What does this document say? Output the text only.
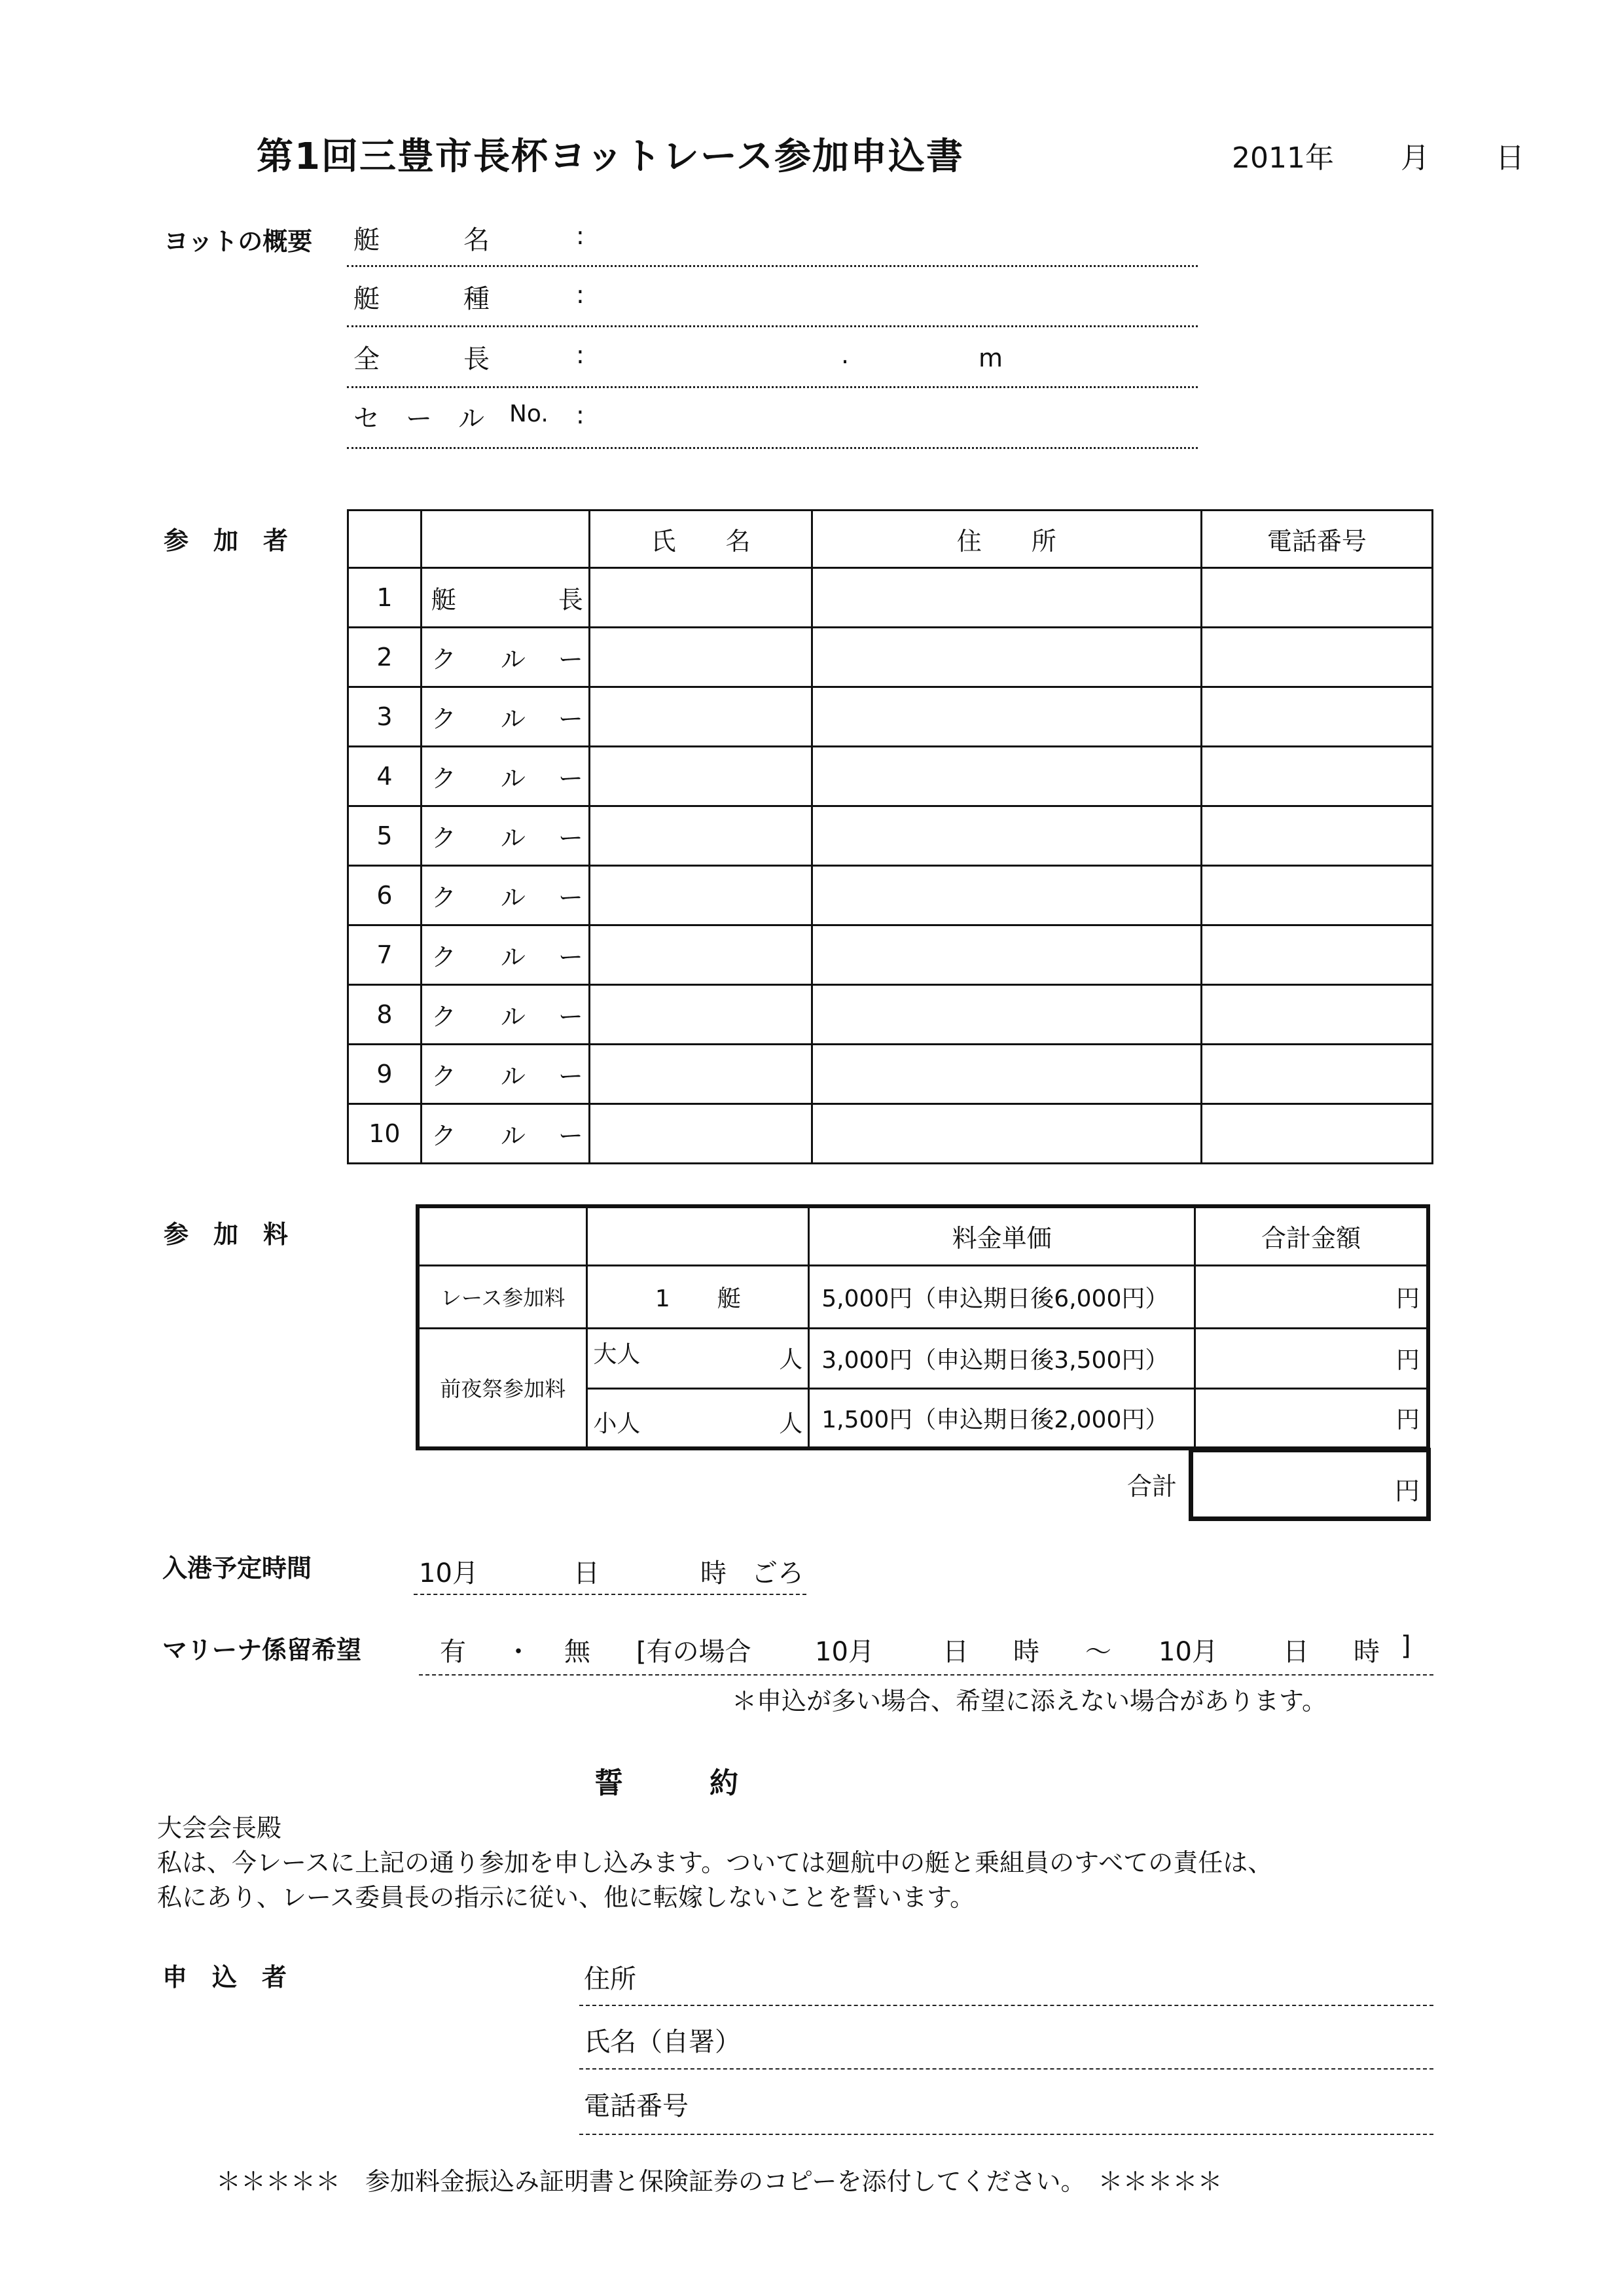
第1回三豊市長杯ヨットレース参加申込書	2011年 月 日
ヨットの概要 艇	名	:
艇	種	:
全	長	:	.	m
セ　ー　ル No. :
参　加　者
			氏　　名	住　　所	電話番号
1	艇 長			

2	ク ル ー			

3	ク ル ー			

4	ク ル ー			

5	ク ル ー			

6	ク ル ー			

7	ク ル ー			

8	ク ル ー			

9	ク ル ー			

10	ク ル ー			

参　加　料
			料金単価	合計金額
レース参加料	1　　艇	5,000円（申込期日後6,000円）	円
前夜祭参加料	大人 人	3,000円（申込期日後3,500円）	円

	小人 人	1,500円（申込期日後2,000円）	円
合計	円
入港予定時間	10月	日	時 ごろ
マリーナ係留希望	有 ・ 無 [有の場合 10月	日 時 ～ 10月 日 時 ]
＊申込が多い場合、希望に添えない場合があります。
誓　　　約
大会会長殿
私は、今レースに上記の通り参加を申し込みます。ついては廻航中の艇と乗組員のすべての責任は、
私にあり、レース委員長の指示に従い、他に転嫁しないことを誓います。
申　込　者	住所
氏名（自署）
電話番号
＊＊＊＊＊　参加料金振込み証明書と保険証券のコピーを添付してください。　＊＊＊＊＊
